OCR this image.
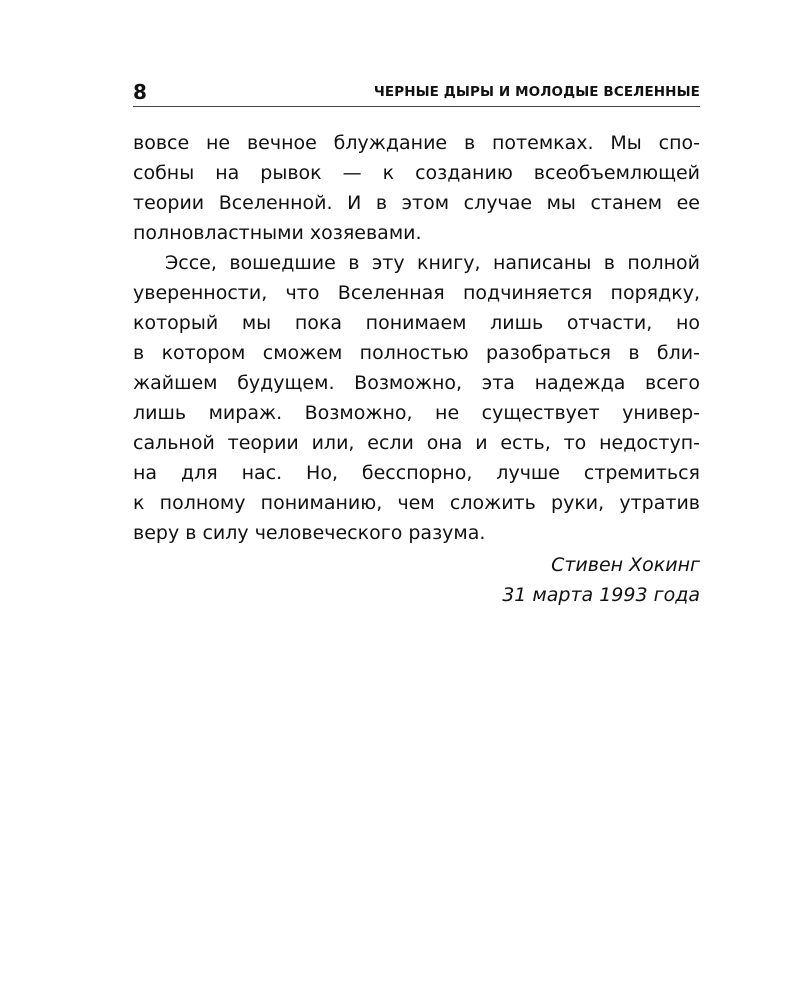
8	ЧЕРНЫЕ ДЫРЫ И МОЛОДЫЕ ВСЕЛЕННЫЕ
вовсе не вечное блуждание в потемках. Мы спо-
собны на рывок — к созданию всеобъемлющей
теории Вселенной. И в этом случае мы станем ее
полновластными хозяевами.
Эссе, вошедшие в эту книгу, написаны в полной
уверенности, что Вселенная подчиняется порядку,
который мы пока понимаем лишь отчасти, но
в котором сможем полностью разобраться в бли-
жайшем будущем. Возможно, эта надежда всего
лишь мираж. Возможно, не существует универ-
сальной теории или, если она и есть, то недоступ-
на для нас. Но, бесспорно, лучше стремиться
к полному пониманию, чем сложить руки, утратив
веру в силу человеческого разума.
Стивен Хокинг
31 марта 1993 года
